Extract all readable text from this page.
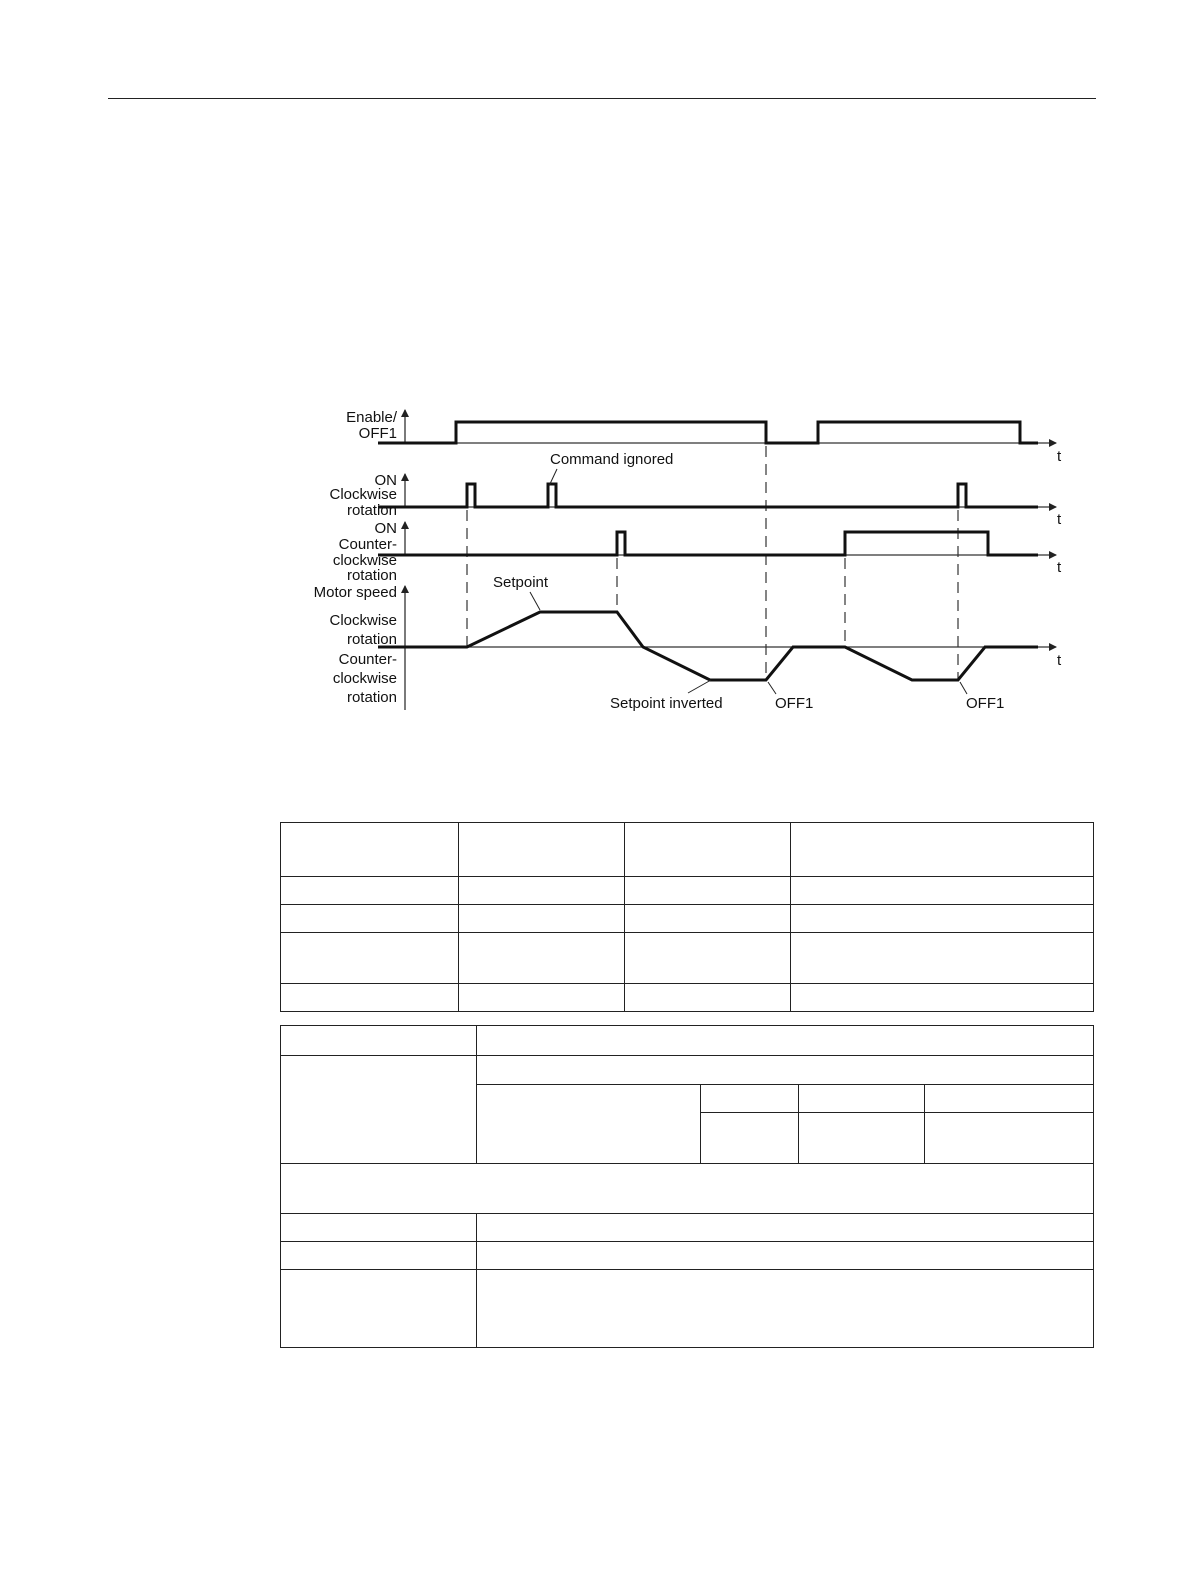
Enable/
OFF1
ON
Clockwise
rotation
ON
Counter-
clockwise
rotation
Motor speed
Clockwise
rotation
Counter-
clockwise
rotation
t
t
t
t
Command ignored
Setpoint
Setpoint inverted	OFF1	OFF1
